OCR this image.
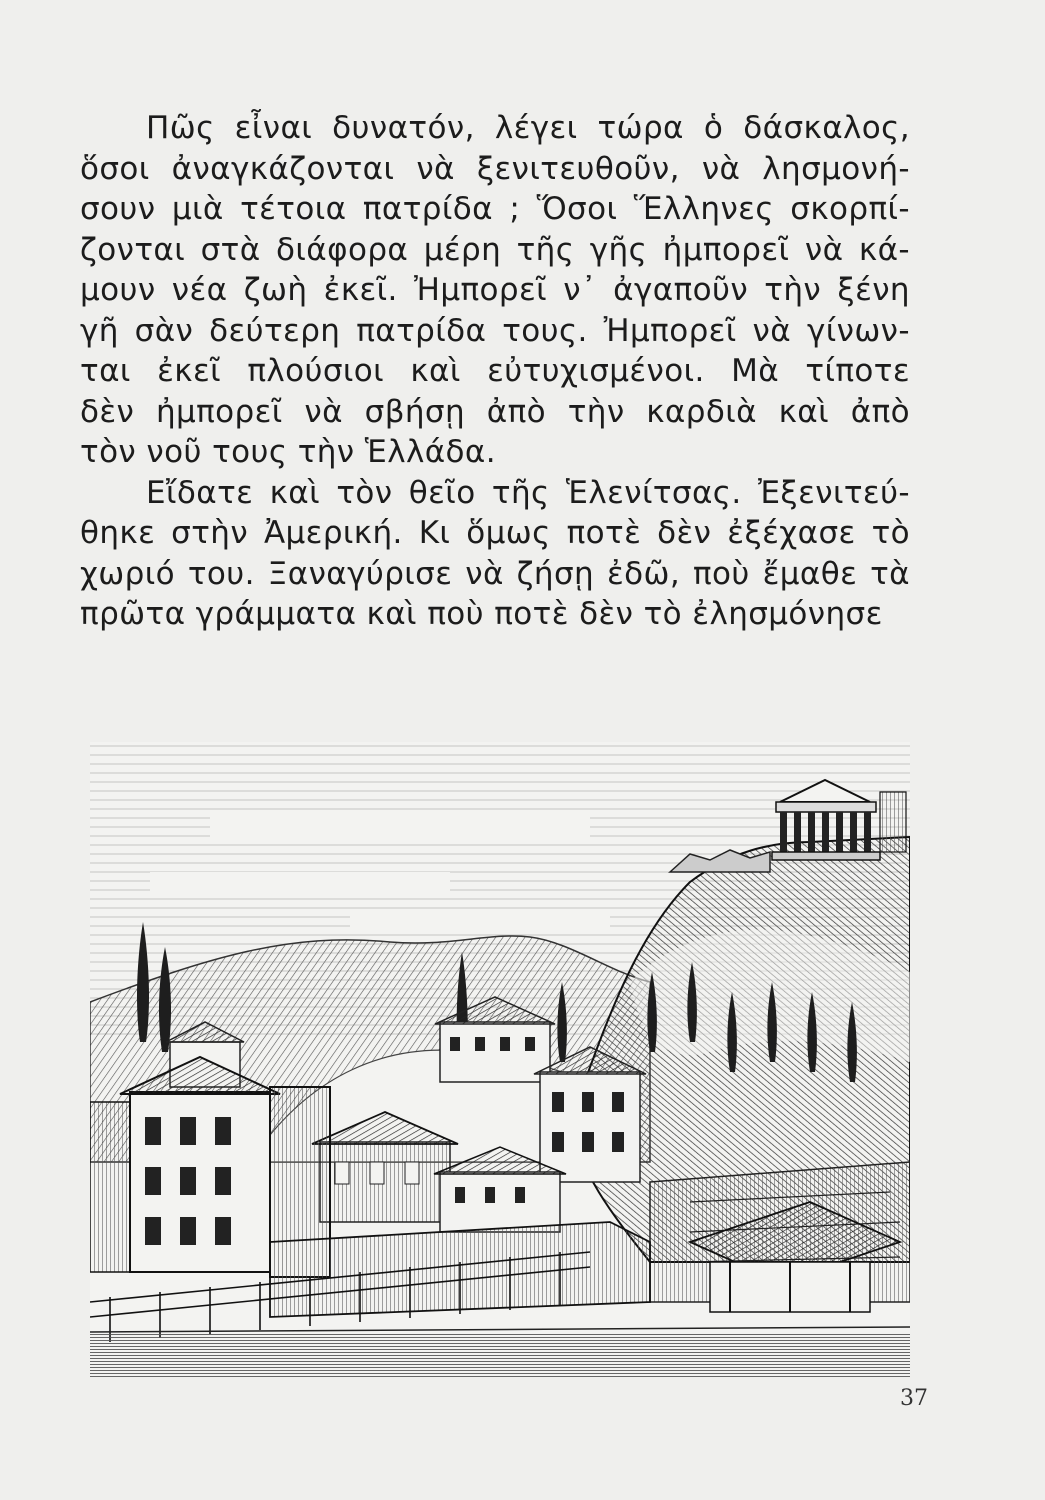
Πῶς εἶναι δυνατόν, λέγει τώρα ὁ δάσκαλος,
ὅσοι ἀναγκάζονται νὰ ξενιτευθοῦν, νὰ λησμονή-
σουν μιὰ τέτοια πατρίδα ; Ὅσοι Ἕλληνες σκορπί-
ζονται στὰ διάφορα μέρη τῆς γῆς ἠμπορεῖ νὰ κά-
μουν νέα ζωὴ ἐκεῖ. Ἠμπορεῖ ν᾽ ἀγαποῦν τὴν ξένη
γῆ σὰν δεύτερη πατρίδα τους. Ἠμπορεῖ νὰ γίνων-
ται ἐκεῖ πλούσιοι καὶ εὐτυχισμένοι. Μὰ τίποτε
δὲν ἠμπορεῖ νὰ σβήσῃ ἀπὸ τὴν καρδιὰ καὶ ἀπὸ
τὸν νοῦ τους τὴν Ἑλλάδα.
Εἴδατε καὶ τὸν θεῖο τῆς Ἑλενίτσας. Ἐξενιτεύ-
θηκε στὴν Ἀμερική. Κι ὅμως ποτὲ δὲν ἐξέχασε τὸ
χωριό του. Ξαναγύρισε νὰ ζήσῃ ἐδῶ, ποὺ ἔμαθε τὰ
πρῶτα γράμματα καὶ ποὺ ποτὲ δὲν τὸ ἐλησμόνησε
37
